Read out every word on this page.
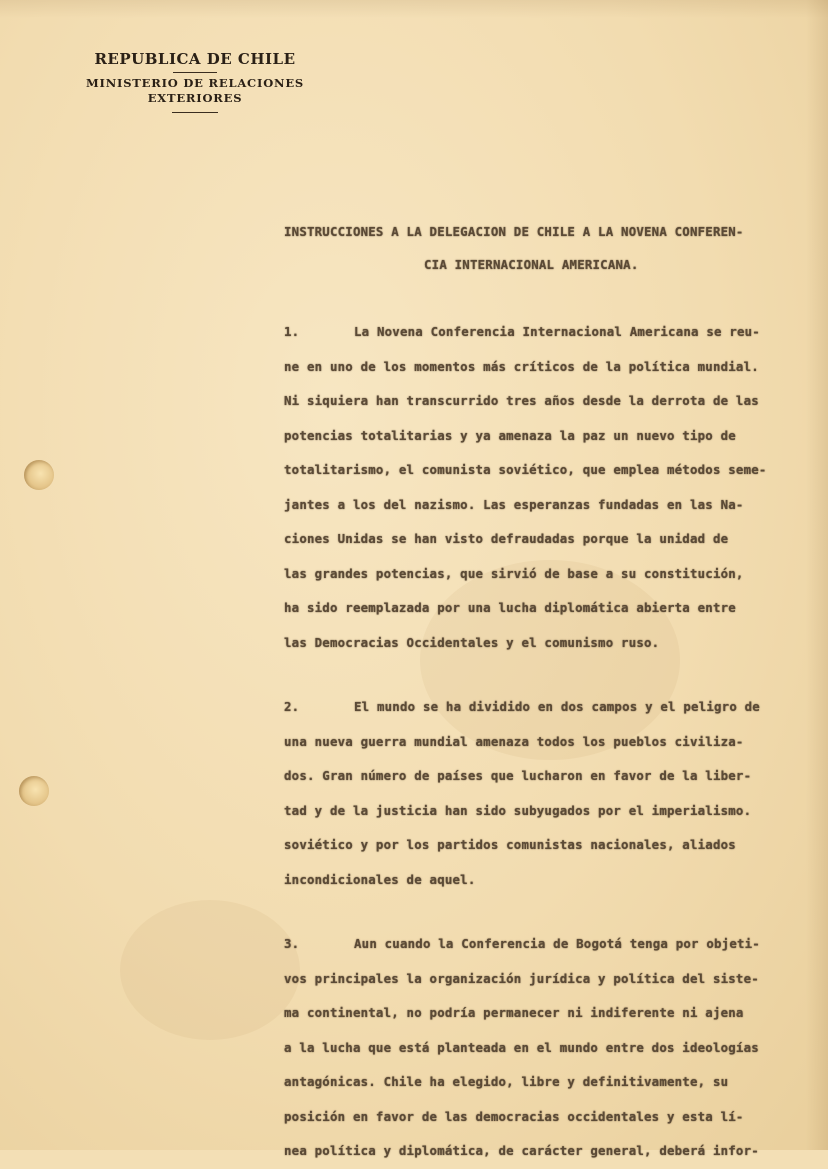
REPUBLICA DE CHILE
MINISTERIO DE RELACIONES
EXTERIORES
INSTRUCCIONES A LA DELEGACION DE CHILE A LA NOVENA CONFEREN-
CIA INTERNACIONAL AMERICANA.
1.	La Novena Conferencia Internacional Americana se reu-
ne en uno de los momentos más críticos de la política mundial.
Ni siquiera han transcurrido tres años desde la derrota de las
potencias totalitarias y ya amenaza la paz un nuevo tipo de
totalitarismo, el comunista soviético, que emplea métodos seme-
jantes a los del nazismo. Las esperanzas fundadas en las Na-
ciones Unidas se han visto defraudadas porque la unidad de
las grandes potencias, que sirvió de base a su constitución,
ha sido reemplazada por una lucha diplomática abierta entre
las Democracias Occidentales y el comunismo ruso.
2.	El mundo se ha dividido en dos campos y el peligro de
una nueva guerra mundial amenaza todos los pueblos civiliza-
dos. Gran número de países que lucharon en favor de la liber-
tad y de la justicia han sido subyugados por el imperialismo.
soviético y por los partidos comunistas nacionales, aliados
incondicionales de aquel.
3.	Aun cuando la Conferencia de Bogotá tenga por objeti-
vos principales la organización jurídica y política del siste-
ma continental, no podría permanecer ni indiferente ni ajena
a la lucha que está planteada en el mundo entre dos ideologías
antagónicas. Chile ha elegido, libre y definitivamente, su
posición en favor de las democracias occidentales y esta lí-
nea política y diplomática, de carácter general, deberá infor-
